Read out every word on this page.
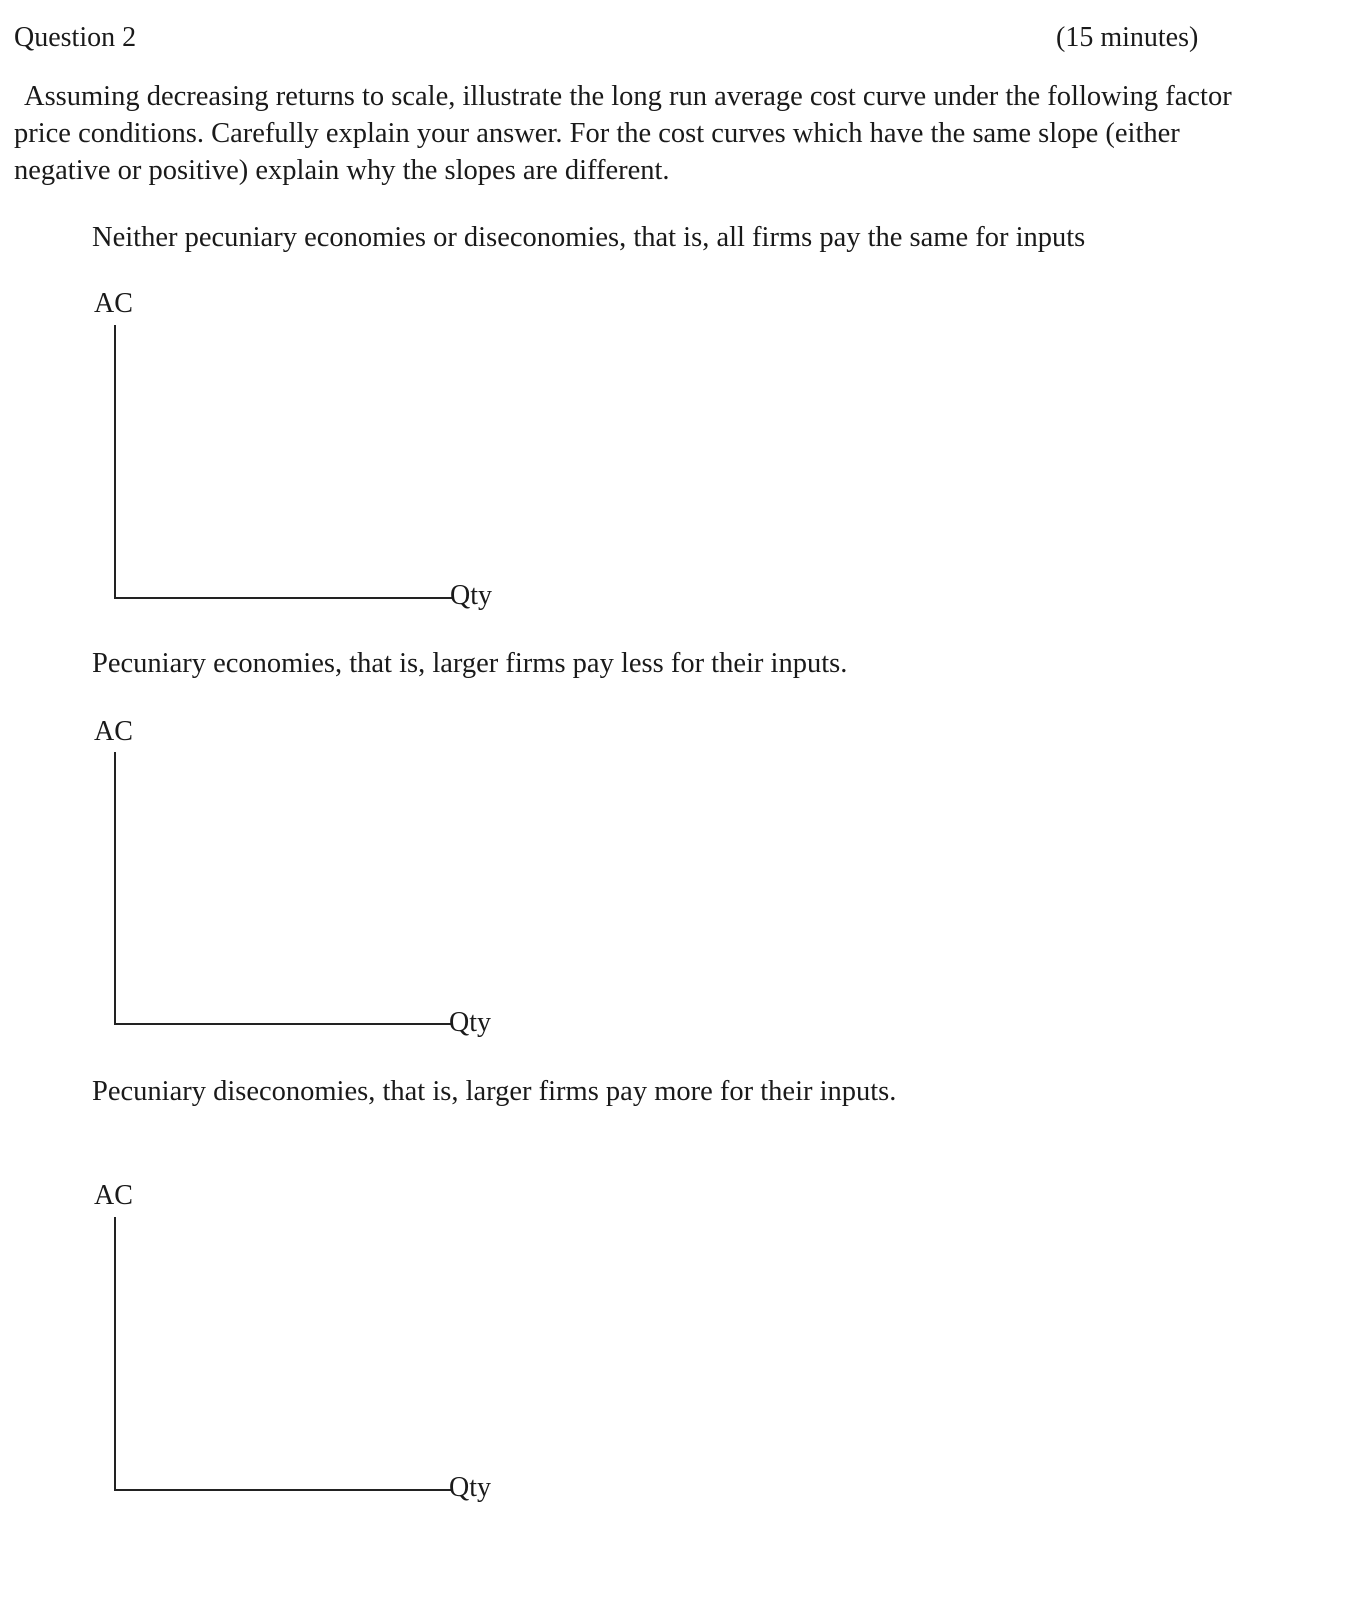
Question 2	(15 minutes)
Assuming decreasing returns to scale, illustrate the long run average cost curve under the following factor
price conditions. Carefully explain your answer. For the cost curves which have the same slope (either
negative or positive) explain why the slopes are different.
Neither pecuniary economies or diseconomies, that is, all firms pay the same for inputs
AC
Qty
Pecuniary economies, that is, larger firms pay less for their inputs.
AC
Qty
Pecuniary diseconomies, that is, larger firms pay more for their inputs.
AC
Qty
